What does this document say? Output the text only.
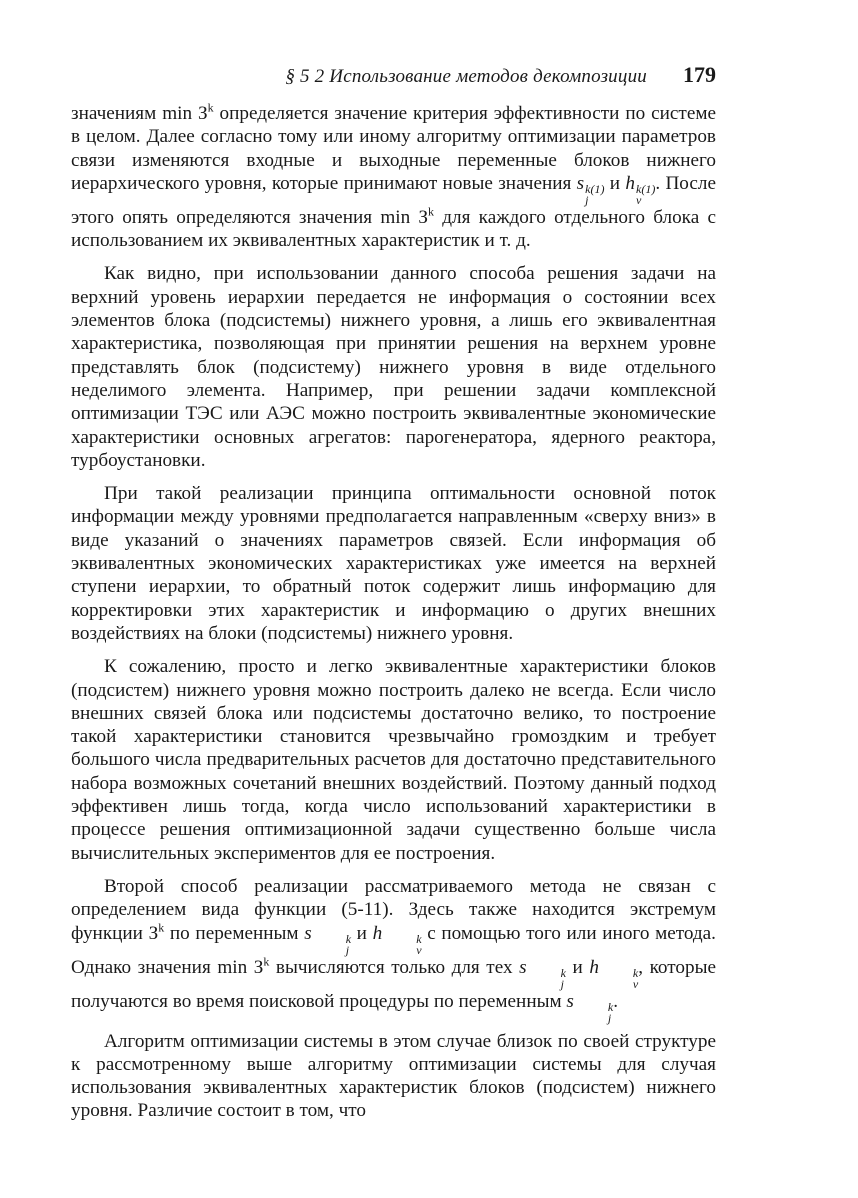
§ 5 2 Использование методов декомпозиции 179

значениям $\min З^k$ определяется значение критерия эффективности по системе в целом. Далее согласно тому или иному алгоритму оптимизации параметров связи изменяются входные и выходные переменные блоков нижнего иерархического уровня, которые принимают новые значения s k(1)
j
и h k(1)
v
. После этого опять определяются значения $\min З^k$ для каждого отдельного блока с использованием их эквивалентных характеристик и т. д.

Как видно, при использовании данного способа решения задачи на верхний уровень иерархии передается не информация о состоянии всех элементов блока (подсистемы) нижнего уровня, а лишь его эквивалентная характеристика, позволяющая при принятии решения на верхнем уровне представлять блок (подсистему) нижнего уровня в виде отдельного неделимого элемента. Например, при решении задачи комплексной оптимизации ТЭС или АЭС можно построить эквивалентные экономические характеристики основных агрегатов: парогенератора, ядерного реактора, турбоустановки.

При такой реализации принципа оптимальности основной поток информации между уровнями предполагается направленным «сверху вниз» в виде указаний о значениях параметров связей. Если информация об эквивалентных экономических характеристиках уже имеется на верхней ступени иерархии, то обратный поток содержит лишь информацию для корректировки этих характеристик и информацию о других внешних воздействиях на блоки (подсистемы) нижнего уровня.

К сожалению, просто и легко эквивалентные характеристики блоков (подсистем) нижнего уровня можно построить далеко не всегда. Если число внешних связей блока или подсистемы достаточно велико, то построение такой характеристики становится чрезвычайно громоздким и требует большого числа предварительных расчетов для достаточно представительного набора возможных сочетаний внешних воздействий. Поэтому данный подход эффективен лишь тогда, когда число использований характеристики в процессе решения оптимизационной задачи существенно больше числа вычислительных экспериментов для ее построения.

Второй способ реализации рассматриваемого метода не связан с определением вида функции (5-11). Здесь также находится экстремум функции $З^k$ по переменным s	k
j
и h	k
v
с помощью того или иного метода. Однако значения $\min З^k$ вычисляются только для тех s	k
j
и h	k
v
, которые получаются во время поисковой процедуры по переменным s	k
j
.

Алгоритм оптимизации системы в этом случае близок по своей структуре к рассмотренному выше алгоритму оптимизации системы для случая использования эквивалентных характеристик блоков (подсистем) нижнего уровня. Различие состоит в том, что
